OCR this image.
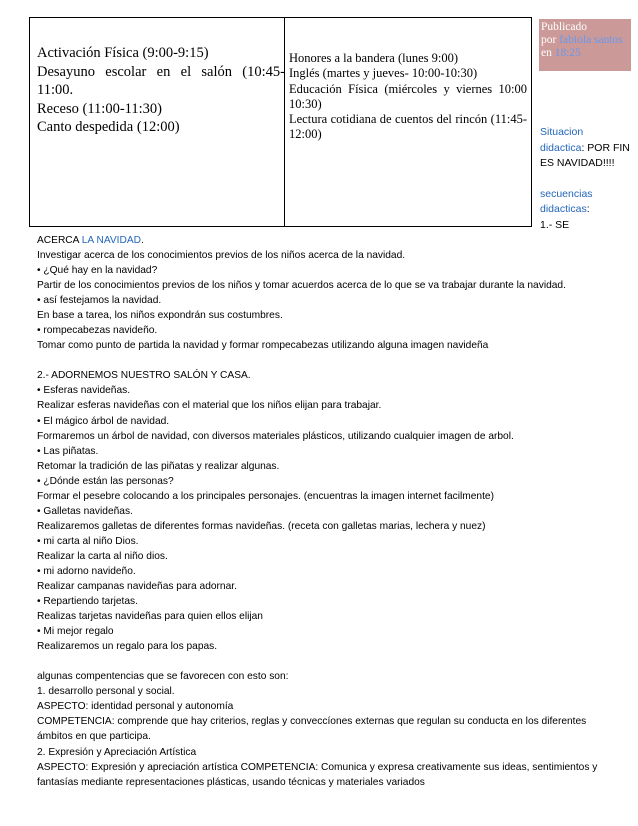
Activación Física (9:00-9:15)
Desayuno escolar en el salón (10:45-11:00.
Receso (11:00-11:30)
Canto despedida (12:00)
Honores a la bandera (lunes 9:00)
Inglés (martes y jueves- 10:00-10:30)
Educación Física (miércoles y viernes 10:00 10:30)
Lectura cotidiana de cuentos del rincón (11:45-12:00)
Publicado
por fabiola santos en 18:25
Situacion
didactica: POR FIN ES NAVIDAD!!!!
secuencias
didacticas:
1.- SE
ACERCA LA NAVIDAD.
Investigar acerca de los conocimientos previos de los niños acerca de la navidad.
• ¿Qué hay en la navidad?
Partir de los conocimientos previos de los niños y tomar acuerdos acerca de lo que se va trabajar durante la navidad.
• así festejamos la navidad.
En base a tarea, los niños expondrán sus costumbres.
• rompecabezas navideño.
Tomar como punto de partida la navidad y formar rompecabezas utilizando alguna imagen navideña
2.- ADORNEMOS NUESTRO SALÓN Y CASA.
• Esferas navideñas.
Realizar esferas navideñas con el material que los niños elijan para trabajar.
• El mágico árbol de navidad.
Formaremos un árbol de navidad, con diversos materiales plásticos, utilizando cualquier imagen de arbol.
• Las piñatas.
Retomar la tradición de las piñatas y realizar algunas.
• ¿Dónde están las personas?
Formar el pesebre colocando a los principales personajes. (encuentras la imagen internet facilmente)
• Galletas navideñas.
Realizaremos galletas de diferentes formas navideñas. (receta con galletas marias, lechera y nuez)
• mi carta al niño Dios.
Realizar la carta al niño dios.
• mi adorno navideño.
Realizar campanas navideñas para adornar.
• Repartiendo tarjetas.
Realizas tarjetas navideñas para quien ellos elijan
• Mi mejor regalo
Realizaremos un regalo para los papas.
algunas compentencias que se favorecen con esto son:
1. desarrollo personal y social.
ASPECTO: identidad personal y autonomía
COMPETENCIA: comprende que hay criterios, reglas y conveccíones externas que regulan su conducta en los diferentes ámbitos en que participa.
2. Expresión y Apreciación Artística
ASPECTO: Expresión y apreciación artística COMPETENCIA: Comunica y expresa creativamente sus ideas, sentimientos y fantasías mediante representaciones plásticas, usando técnicas y materiales variados
